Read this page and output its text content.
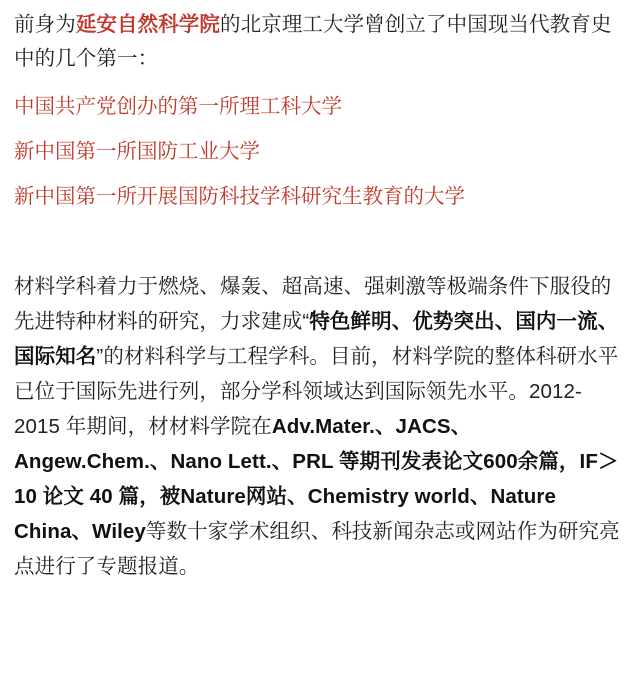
前身为延安自然科学院的北京理工大学曾创立了中国现当代教育史中的几个第一：

中国共产党创办的第一所理工科大学

新中国第一所国防工业大学

新中国第一所开展国防科技学科研究生教育的大学

材料学科着力于燃烧、爆轰、超高速、强刺激等极端条件下服役的先进特种材料的研究，力求建成“特色鲜明、优势突出、国内一流、国际知名”的材料科学与工程学科。目前，材料学院的整体科研水平已位于国际先进行列，部分学科领域达到国际领先水平。2012-2015 年期间，材材料学院在Adv.Mater.、JACS、Angew.Chem.、Nano Lett.、PRL 等期刊发表论文600余篇，IF＞10 论文 40 篇，被Nature网站、Chemistry world、Nature China、Wiley等数十家学术组织、科技新闻杂志或网站作为研究亮点进行了专题报道。
